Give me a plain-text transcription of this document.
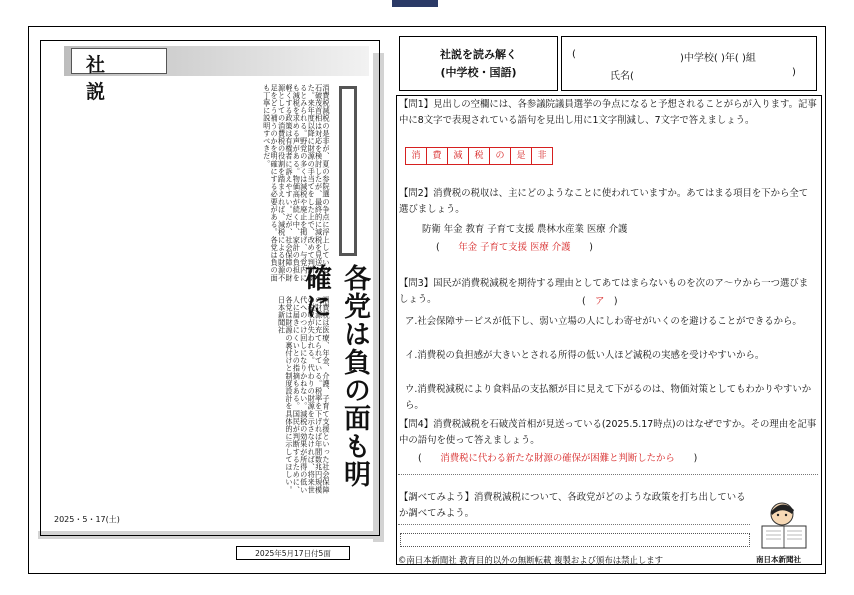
社 説	消費税減税の是非が、夏の参院選の争点に浮上している。石破茂首相は対応を検討したが、最終的に減税を見送った。来年度以降に財源の手当てをした上で、改めて判断するとみられる。野党の多くは減税や廃止を掲げ、与党内にも減税を求める声がある。物価高が続く中、家計の負担を軽くする政策は有権者に訴えやすい。だが、社会保障の財源としての消費税の役割を踏まえれば、減税による財源不足をどう補うのかを明確にする必要がある。各党は負の面も丁寧に説明すべきだ。
消費税は医療、年金、介護、子育て支援といった社会保障の財源に充てられている。税率を下げれば年間数兆円規模の税収が失われる。代わりの財源を示さなければ、将来世代へのつけ回しになりかねない。減税の効果が所得の低い人に届きにくいとの指摘もある。国民が判断するために、各党は財源の裏付けと制度設計を具体的に示してほしい。日本新聞社	各党は負の面も明確に
2025・5・17(土)
2025年5月17日付5面
社説を読み解く
(中学校・国語)
(	)中学校( )年( )組
氏名(	)
【問1】見出しの空欄には、各参議院議員選挙の争点になると予想されることがらが入ります。記事中に8文字で表現されている語句を見出し用に1文字削減し、7文字で答えましょう。
消	費	減	税	の	是	非
【問2】消費税の税収は、主にどのようなことに使われていますか。あてはまる項目を下から全て選びましょう。
防衛 年金 教育 子育て支援 農林水産業 医療 介護
(　　年金 子育て支援 医療 介護　　)
【問3】国民が消費税減税を期待する理由としてあてはまらないものを次のア〜ウから一つ選びましょう。	(　ア　)
ア.社会保障サービスが低下し、弱い立場の人にしわ寄せがいくのを避けることができるから。
イ.消費税の負担感が大きいとされる所得の低い人ほど減税の実感を受けやすいから。
ウ.消費税減税により食料品の支払額が目に見えて下がるのは、物価対策としてもわかりやすいから。
【問4】消費税減税を石破茂首相が見送っている(2025.5.17時点)のはなぜですか。その理由を記事中の語句を使って答えましょう。
(　　消費税に代わる新たな財源の確保が困難と判断したから　　)
【調べてみよう】消費税減税について、各政党がどのような政策を打ち出しているか調べてみよう。
©南日本新聞社 教育目的以外の無断転載 複製および頒布は禁止します	南日本新聞社
